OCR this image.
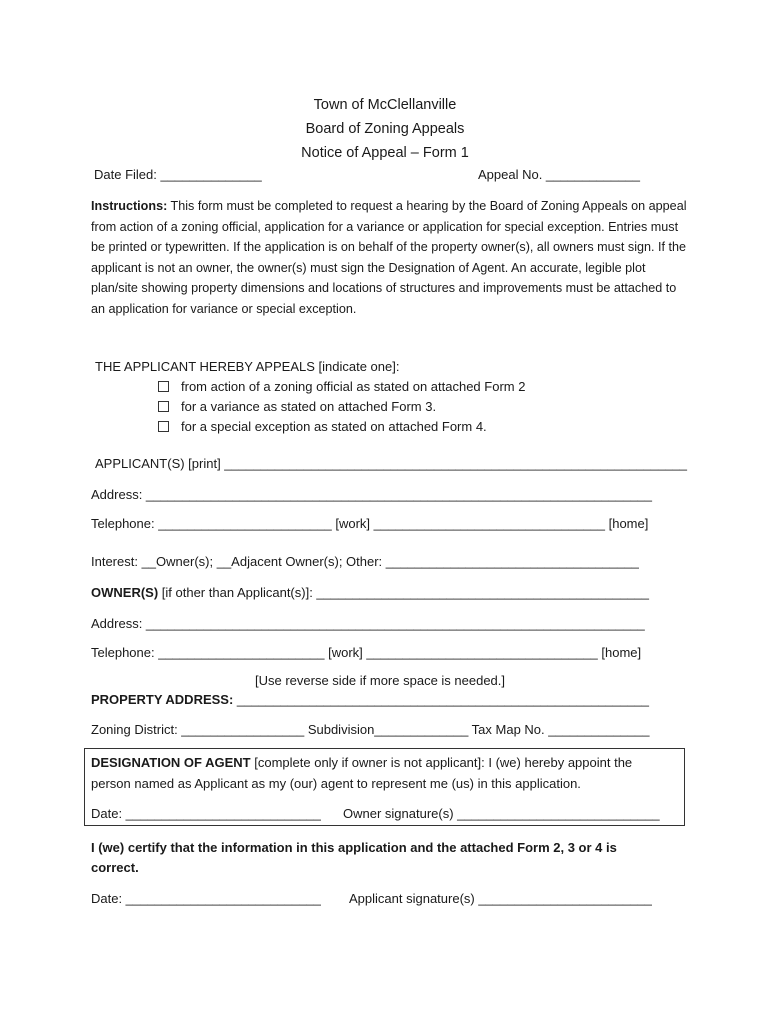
Town of McClellanville
Board of Zoning Appeals
Notice of Appeal – Form 1
Date Filed: ______________	Appeal No. _____________
Instructions: This form must be completed to request a hearing by the Board of Zoning Appeals on appeal from action of a zoning official, application for a variance or application for special exception. Entries must be printed or typewritten. If the application is on behalf of the property owner(s), all owners must sign. If the applicant is not an owner, the owner(s) must sign the Designation of Agent. An accurate, legible plot plan/site showing property dimensions and locations of structures and improvements must be attached to an application for variance or special exception.
THE APPLICANT HEREBY APPEALS [indicate one]:
from action of a zoning official as stated on attached Form 2
for a variance as stated on attached Form 3.
for a special exception as stated on attached Form 4.
APPLICANT(S) [print] ________________________________________________________________
Address: ______________________________________________________________________
Telephone: ________________________ [work] ________________________________ [home]
Interest: __Owner(s); __Adjacent Owner(s); Other: ___________________________________
OWNER(S) [if other than Applicant(s)]: ______________________________________________
Address: _____________________________________________________________________
Telephone: _______________________ [work] ________________________________ [home]
[Use reverse side if more space is needed.]
PROPERTY ADDRESS: _________________________________________________________
Zoning District: _________________ Subdivision_____________ Tax Map No. ______________
DESIGNATION OF AGENT [complete only if owner is not applicant]: I (we) hereby appoint the
person named as Applicant as my (our) agent to represent me (us) in this application.
Date: ___________________________ Owner signature(s) ____________________________
I (we) certify that the information in this application and the attached Form 2, 3 or 4 is
correct.
Date: ___________________________ Applicant signature(s) ________________________
